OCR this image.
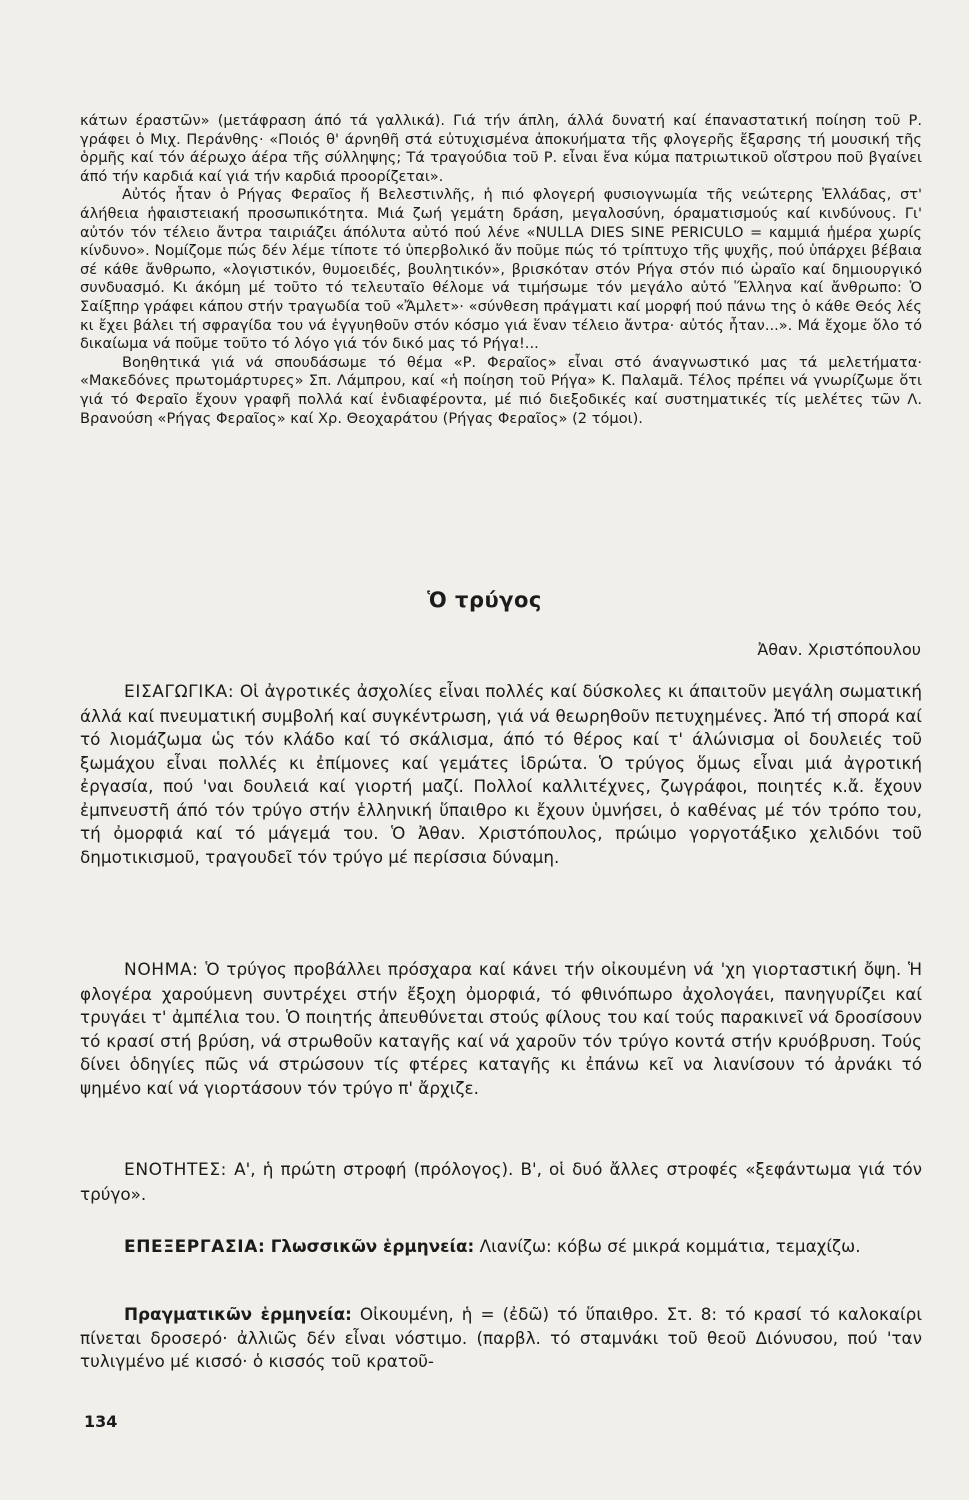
κάτων έραστῶν» (μετάφραση άπό τά γαλλικά). Γιά τήν άπλη, άλλά δυνατή καί έπαναστατική ποίηση τοῦ Ρ. γράφει ὁ Μιχ. Περάνθης· «Ποιός θ' άρνηθῆ στά εὐτυχισμένα ἀποκυήματα τῆς φλογερῆς ἔξαρσης τή μουσική τῆς ὁρμῆς καί τόν άέρωχο άέρα τῆς σύλληψης; Τά τραγούδια τοῦ Ρ. εἶναι ἕνα κύμα πατριωτικοῦ οἴστρου ποῦ βγαίνει άπό τήν καρδιά καί γιά τήν καρδιά προορίζεται».

Αὐτός ἦταν ὁ Ρήγας Φεραῖος ἤ Βελεστινλῆς, ἡ πιό φλογερή φυσιογνωμία τῆς νεώτερης Ἑλλάδας, στ' άλήθεια ἡφαιστειακή προσωπικότητα. Μιά ζωή γεμάτη δράση, μεγαλοσύνη, όραματισμούς καί κινδύνους. Γι' αὐτόν τόν τέλειο ἄντρα ταιριάζει άπόλυτα αὐτό πού λένε «NULLA DIES SINE PERICULO = καμμιά ἡμέρα χωρίς κίνδυνο». Νομίζομε πώς δέν λέμε τίποτε τό ὑπερβολικό ἄν ποῦμε πώς τό τρίπτυχο τῆς ψυχῆς, πού ὑπάρχει βέβαια σέ κάθε ἄνθρωπο, «λογιστικόν, θυμοειδές, βουλητικόν», βρισκόταν στόν Ρήγα στόν πιό ὡραῖο καί δημιουργικό συνδυασμό. Κι άκόμη μέ τοῦτο τό τελευταῖο θέλομε νά τιμήσωμε τόν μεγάλο αὐτό Ἕλληνα καί ἄνθρωπο: Ὁ Σαίξπηρ γράφει κάπου στήν τραγωδία τοῦ «Ἄμλετ»· «σύνθεση πράγματι καί μορφή πού πάνω της ὁ κάθε Θεός λές κι ἔχει βάλει τή σφραγίδα του νά ἐγγυηθοῦν στόν κόσμο γιά ἕναν τέλειο ἄντρα· αὐτός ἦταν...». Μά ἔχομε ὅλο τό δικαίωμα νά ποῦμε τοῦτο τό λόγο γιά τόν δικό μας τό Ρήγα!...

Βοηθητικά γιά νά σπουδάσωμε τό θέμα «Ρ. Φεραῖος» εἶναι στό άναγνωστικό μας τά μελετήματα· «Μακεδόνες πρωτομάρτυρες» Σπ. Λάμπρου, καί «ἡ ποίηση τοῦ Ρήγα» Κ. Παλαμᾶ. Τέλος πρέπει νά γνωρίζωμε ὅτι γιά τό Φεραῖο ἔχουν γραφῆ πολλά καί ἐνδιαφέροντα, μέ πιό διεξοδικές καί συστηματικές τίς μελέτες τῶν Λ. Βρανούση «Ρήγας Φεραῖος» καί Χρ. Θεοχαράτου (Ρήγας Φεραῖος» (2 τόμοι).

Ὁ τρύγος
Ἀθαν. Χριστόπουλου

ΕΙΣΑΓΩΓΙΚΑ: Οἱ ἀγροτικές ἀσχολίες εἶναι πολλές καί δύσκολες κι άπαιτοῦν μεγάλη σωματική άλλά καί πνευματική συμβολή καί συγκέντρωση, γιά νά θεωρηθοῦν πετυχημένες. Ἀπό τή σπορά καί τό λιομάζωμα ὡς τόν κλάδο καί τό σκάλισμα, άπό τό θέρος καί τ' άλώνισμα οἱ δουλειές τοῦ ξωμάχου εἶναι πολλές κι ἐπίμονες καί γεμάτες ἱδρώτα. Ὁ τρύγος ὅμως εἶναι μιά ἀγροτική ἐργασία, πού 'ναι δουλειά καί γιορτή μαζί. Πολλοί καλλιτέχνες, ζωγράφοι, ποιητές κ.ἄ. ἔχουν ἐμπνευστῆ άπό τόν τρύγο στήν ἑλληνική ὕπαιθρο κι ἔχουν ὑμνήσει, ὁ καθένας μέ τόν τρόπο του, τή ὀμορφιά καί τό μάγεμά του. Ὁ Ἀθαν. Χριστόπουλος, πρώιμο γοργοτάξικο χελιδόνι τοῦ δημοτικισμοῦ, τραγουδεῖ τόν τρύγο μέ περίσσια δύναμη.

ΝΟΗΜΑ: Ὁ τρύγος προβάλλει πρόσχαρα καί κάνει τήν οἰκουμένη νά 'χη γιορταστική ὄψη. Ἡ φλογέρα χαρούμενη συντρέχει στήν ἔξοχη ὀμορφιά, τό φθινόπωρο ἀχολογάει, πανηγυρίζει καί τρυγάει τ' ἀμπέλια του. Ὁ ποιητής ἀπευθύνεται στούς φίλους του καί τούς παρακινεῖ νά δροσίσουν τό κρασί στή βρύση, νά στρωθοῦν καταγῆς καί νά χαροῦν τόν τρύγο κοντά στήν κρυόβρυση. Τούς δίνει ὁδηγίες πῶς νά στρώσουν τίς φτέρες καταγῆς κι ἐπάνω κεῖ να λιανίσουν τό ἀρνάκι τό ψημένο καί νά γιορτάσουν τόν τρύγο π' ἄρχιζε.

ΕΝΟΤΗΤΕΣ: Α', ἡ πρώτη στροφή (πρόλογος). Β', οἱ δυό ἄλλες στροφές «ξεφάντωμα γιά τόν τρύγο».

ΕΠΕΞΕΡΓΑΣΙΑ: Γλωσσικῶν ἑρμηνεία: Λιανίζω: κόβω σέ μικρά κομμάτια, τεμαχίζω.

Πραγματικῶν ἑρμηνεία: Οἰκουμένη, ἡ = (ἐδῶ) τό ὕπαιθρο. Στ. 8: τό κρασί τό καλοκαίρι πίνεται δροσερό· ἀλλιῶς δέν εἶναι νόστιμο. (παρβλ. τό σταμνάκι τοῦ θεοῦ Διόνυσου, πού 'ταν τυλιγμένο μέ κισσό· ὁ κισσός τοῦ κρατοῦ-

134
